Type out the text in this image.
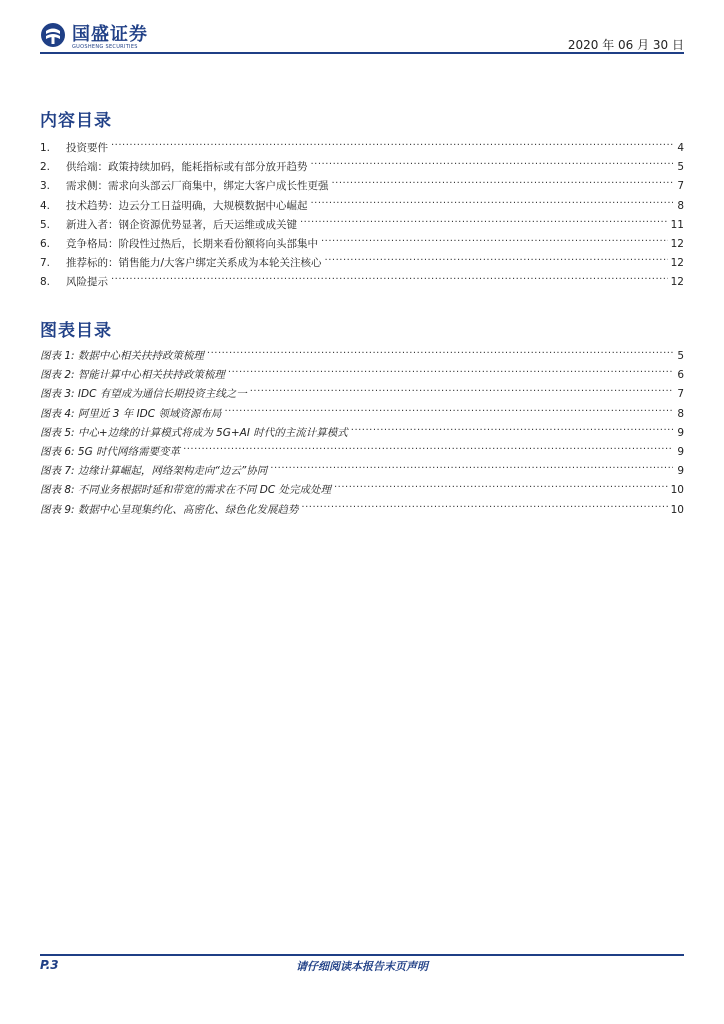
国盛证券
GUOSHENG SECURITIES	2020 年 06 月 30 日
内容目录
1.	投资要件 .....	4
2.	供给端：政策持续加码，能耗指标或有部分放开趋势 .....	5
3.	需求侧：需求向头部云厂商集中，绑定大客户成长性更强 .....	7
4.	技术趋势：边云分工日益明确，大规模数据中心崛起 .....	8
5.	新进入者：钢企资源优势显著，后天运维或成关键 .....	11
6.	竞争格局：阶段性过热后，长期来看份额将向头部集中 .....	12
7.	推荐标的：销售能力/大客户绑定关系成为本轮关注核心 .....	12
8.	风险提示 .....	12
图表目录
图表 1: 数据中心相关扶持政策梳理 .....	5
图表 2: 智能计算中心相关扶持政策梳理 .....	6
图表 3: IDC 有望成为通信长期投资主线之一 .....	7
图表 4: 阿里近 3 年 IDC 领域资源布局 .....	8
图表 5: 中心+边缘的计算模式将成为 5G+AI 时代的主流计算模式 .....	9
图表 6: 5G 时代网络需要变革 .....	9
图表 7: 边缘计算崛起，网络架构走向“边云”协同 .....	9
图表 8: 不同业务根据时延和带宽的需求在不同 DC 处完成处理 .....	10
图表 9: 数据中心呈现集约化、高密化、绿色化发展趋势 .....	10
P.3	请仔细阅读本报告末页声明
